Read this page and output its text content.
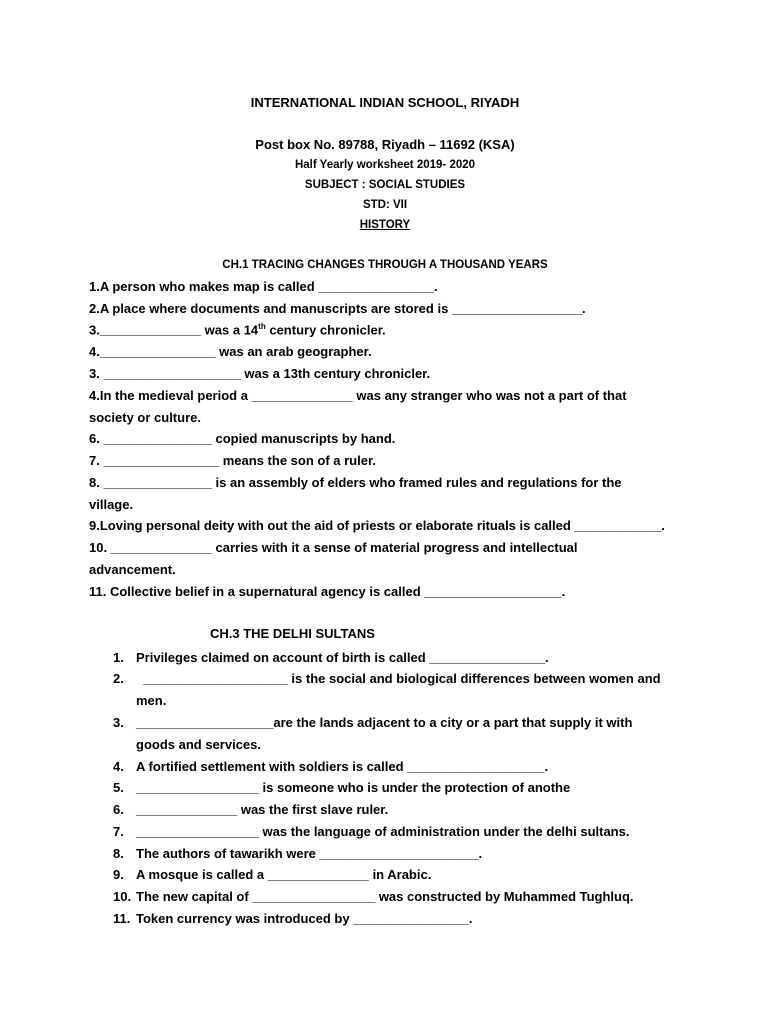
INTERNATIONAL INDIAN SCHOOL, RIYADH
Post box No. 89788, Riyadh – 11692 (KSA)
Half Yearly worksheet 2019- 2020
SUBJECT : SOCIAL STUDIES
STD: VII
HISTORY
CH.1 TRACING CHANGES THROUGH A THOUSAND YEARS
1.A person who makes map is called ________________.
2.A place where documents and manuscripts are stored is __________________.
3.______________ was a 14th century chronicler.
4.________________ was an arab geographer.
3. ___________________ was a 13th century chronicler.
4.In the medieval period a ______________ was any stranger who was not a part of that
society or culture.
6. _______________ copied manuscripts by hand.
7. ________________ means the son of a ruler.
8. _______________ is an assembly of elders who framed rules and regulations for the
village.
9.Loving personal deity with out the aid of priests or elaborate rituals is called ____________.
10. ______________ carries with it a sense of material progress and intellectual
advancement.
11. Collective belief in a supernatural agency is called ___________________.
CH.3 THE DELHI SULTANS
1. Privileges claimed on account of birth is called ________________.
2. ____________________ is the social and biological differences between women and
men.
3. ___________________are the lands adjacent to a city or a part that supply it with
goods and services.
4. A fortified settlement with soldiers is called ___________________.
5. _________________ is someone who is under the protection of anothe
6. ______________ was the first slave ruler.
7. _________________ was the language of administration under the delhi sultans.
8. The authors of tawarikh were ______________________.
9. A mosque is called a ______________ in Arabic.
10. The new capital of _________________ was constructed by Muhammed Tughluq.
11. Token currency was introduced by ________________.
